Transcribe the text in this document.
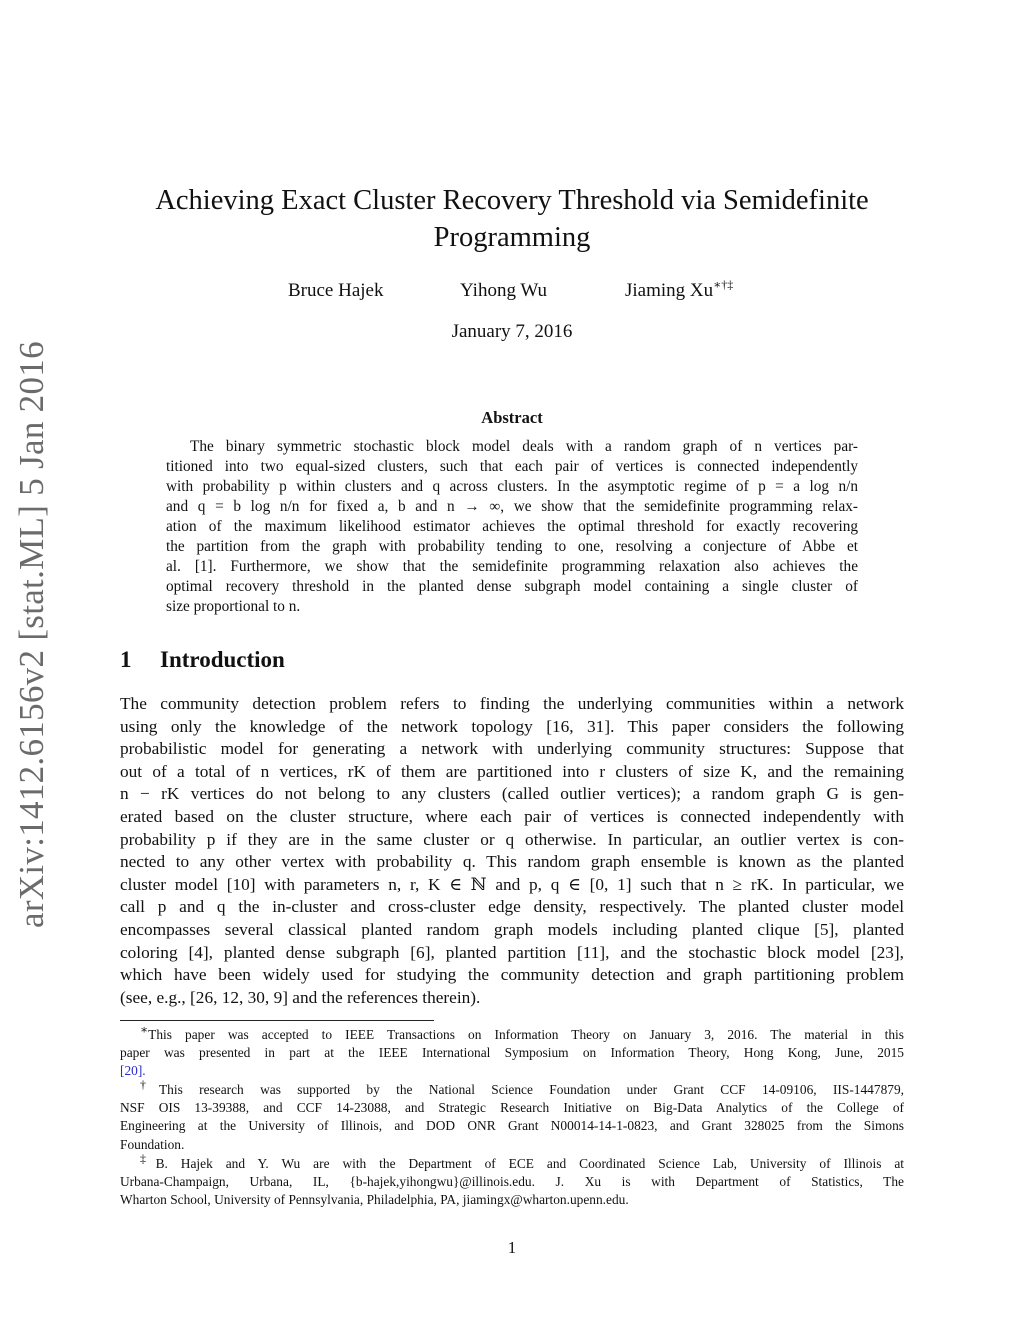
arXiv:1412.6156v2 [stat.ML] 5 Jan 2016
Achieving Exact Cluster Recovery Threshold via Semidefinite
Programming
Bruce Hajek	Yihong Wu	Jiaming Xu∗†‡
January 7, 2016
Abstract
The binary symmetric stochastic block model deals with a random graph of n vertices par-
titioned into two equal-sized clusters, such that each pair of vertices is connected independently
with probability p within clusters and q across clusters. In the asymptotic regime of p = a log n/n
and q = b log n/n for fixed a, b and n → ∞, we show that the semidefinite programming relax-
ation of the maximum likelihood estimator achieves the optimal threshold for exactly recovering
the partition from the graph with probability tending to one, resolving a conjecture of Abbe et
al. [1]. Furthermore, we show that the semidefinite programming relaxation also achieves the
optimal recovery threshold in the planted dense subgraph model containing a single cluster of
size proportional to n.
1 Introduction
The community detection problem refers to finding the underlying communities within a network
using only the knowledge of the network topology [16, 31]. This paper considers the following
probabilistic model for generating a network with underlying community structures: Suppose that
out of a total of n vertices, rK of them are partitioned into r clusters of size K, and the remaining
n − rK vertices do not belong to any clusters (called outlier vertices); a random graph G is gen-
erated based on the cluster structure, where each pair of vertices is connected independently with
probability p if they are in the same cluster or q otherwise. In particular, an outlier vertex is con-
nected to any other vertex with probability q. This random graph ensemble is known as the planted
cluster model [10] with parameters n, r, K ∈ ℕ and p, q ∈ [0, 1] such that n ≥ rK. In particular, we
call p and q the in-cluster and cross-cluster edge density, respectively. The planted cluster model
encompasses several classical planted random graph models including planted clique [5], planted
coloring [4], planted dense subgraph [6], planted partition [11], and the stochastic block model [23],
which have been widely used for studying the community detection and graph partitioning problem
(see, e.g., [26, 12, 30, 9] and the references therein).
∗This paper was accepted to IEEE Transactions on Information Theory on January 3, 2016. The material in this
paper was presented in part at the IEEE International Symposium on Information Theory, Hong Kong, June, 2015
[20].
†This research was supported by the National Science Foundation under Grant CCF 14-09106, IIS-1447879,
NSF OIS 13-39388, and CCF 14-23088, and Strategic Research Initiative on Big-Data Analytics of the College of
Engineering at the University of Illinois, and DOD ONR Grant N00014-14-1-0823, and Grant 328025 from the Simons
Foundation.
‡B. Hajek and Y. Wu are with the Department of ECE and Coordinated Science Lab, University of Illinois at
Urbana-Champaign, Urbana, IL, {b-hajek,yihongwu}@illinois.edu. J. Xu is with Department of Statistics, The
Wharton School, University of Pennsylvania, Philadelphia, PA, jiamingx@wharton.upenn.edu.
1
